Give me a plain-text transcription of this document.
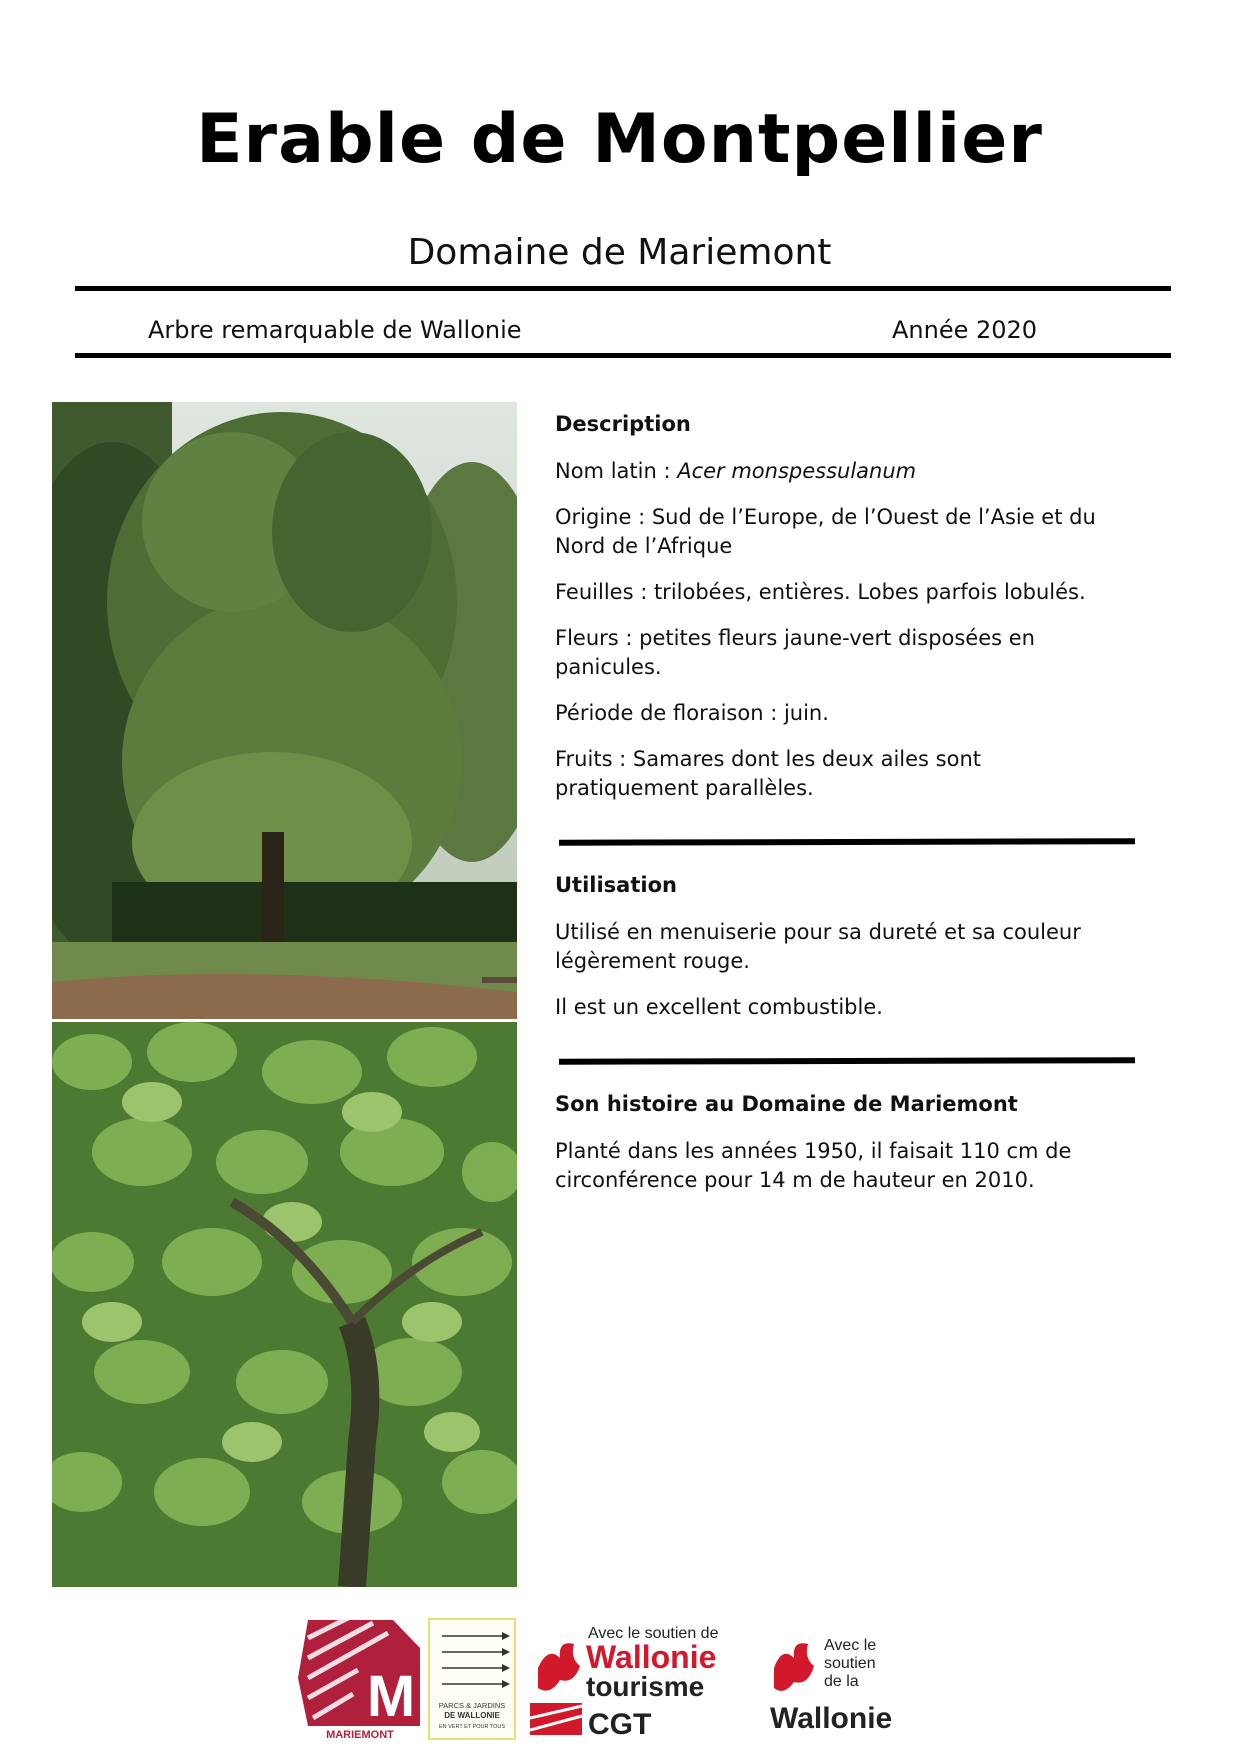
Erable de Montpellier
Domaine de Mariemont
Arbre remarquable de Wallonie	Année 2020
Description

Nom latin : Acer monspessulanum

Origine : Sud de l’Europe, de l’Ouest de l’Asie et du Nord de l’Afrique

Feuilles : trilobées, entières. Lobes parfois lobulés.

Fleurs : petites fleurs jaune-vert disposées en panicules.

Période de floraison : juin.

Fruits : Samares dont les deux ailes sont pratiquement parallèles.

Utilisation

Utilisé en menuiserie pour sa dureté et sa couleur légèrement rouge.

Il est un excellent combustible.

Son histoire au Domaine de Mariemont

Planté dans les années 1950, il faisait 110 cm de circonférence pour 14 m de hauteur en 2010.

M
MARIEMONT
PARCS & JARDINS
DE WALLONIE
EN VERT ET POUR TOUS
Avec le soutien de
Wallonie
tourisme
CGT
Avec le
soutien
de la
Wallonie
